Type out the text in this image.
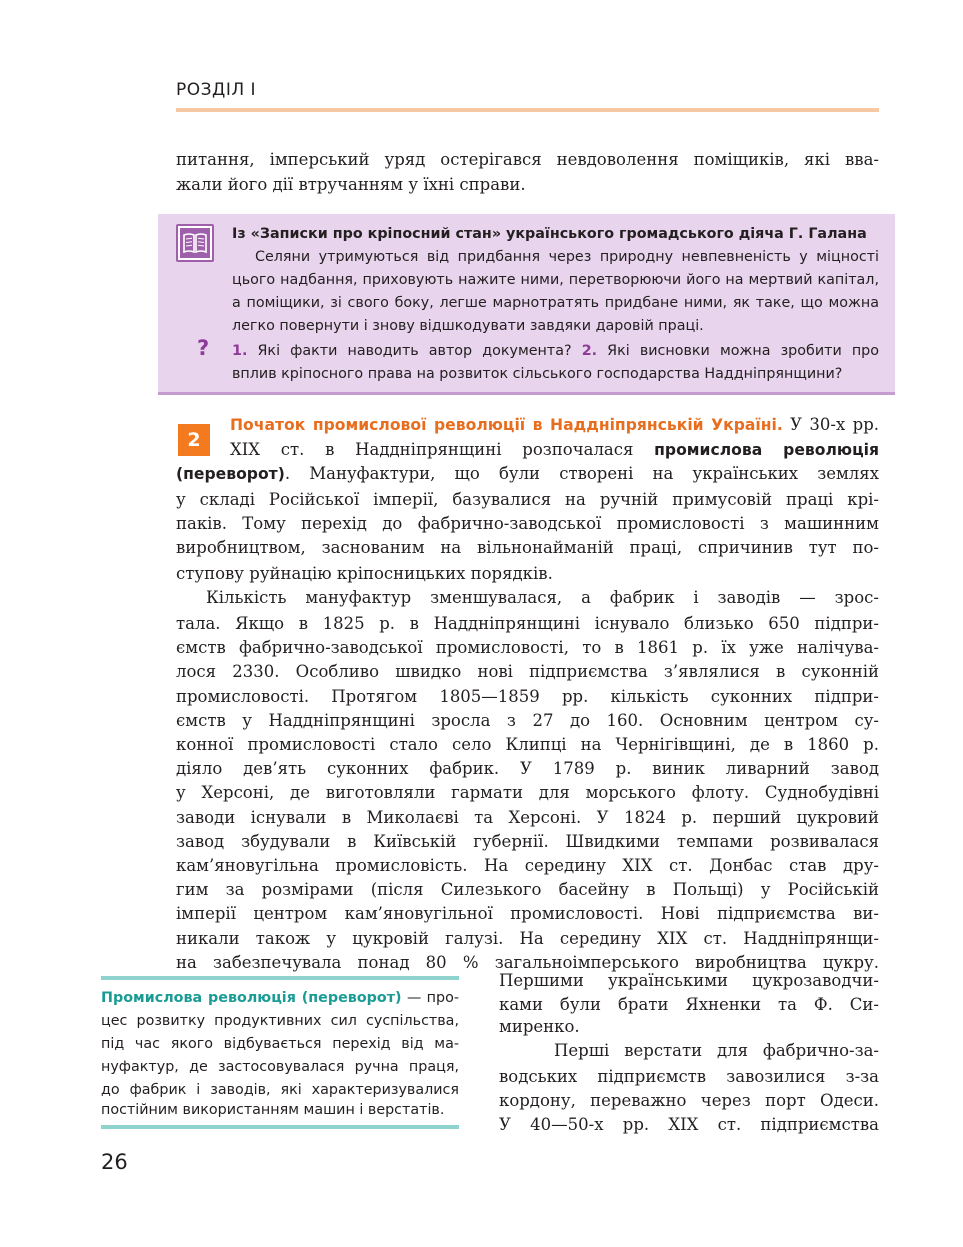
РОЗДІЛ І
питання, імперський уряд остерігався невдоволення поміщиків, які вва-
жали його дії втручанням у їхні справи.
Із «Записки про кріпосний стан» українського громадського діяча Г. Галана
Селяни утримуються від придбання через природну невпевненість у міцності
цього надбання, приховують нажите ними, перетворюючи його на мертвий капітал,
а поміщики, зі свого боку, легше марнотратять придбане ними, як таке, що можна
легко повернути і знову відшкодувати завдяки даровій праці.
? 1. Які факти наводить автор документа? 2. Які висновки можна зробити про
вплив кріпосного права на розвиток сільського господарства Наддніпрянщини?
2
Початок промислової революції в Наддніпрянській Україні. У 30-х рр.
XIX ст. в Наддніпрянщині розпочалася промислова революція
(переворот). Мануфактури, що були створені на українських землях
у складі Російської імперії, базувалися на ручній примусовій праці крі-
паків. Тому перехід до фабрично-заводської промисловості з машинним
виробництвом, заснованим на вільнонайманій праці, спричинив тут по-
ступову руйнацію кріпосницьких порядків.
Кількість мануфактур зменшувалася, а фабрик і заводів — зрос-
тала. Якщо в 1825 р. в Наддніпрянщині існувало близько 650 підпри-
ємств фабрично-заводської промисловості, то в 1861 р. їх уже налічува-
лося 2330. Особливо швидко нові підприємства з’являлися в суконній
промисловості. Протягом 1805—1859 рр. кількість суконних підпри-
ємств у Наддніпрянщині зросла з 27 до 160. Основним центром су-
конної промисловості стало село Клипці на Чернігівщині, де в 1860 р.
діяло дев’ять суконних фабрик. У 1789 р. виник ливарний завод
у Херсоні, де виготовляли гармати для морського флоту. Суднобудівні
заводи існували в Миколаєві та Херсоні. У 1824 р. перший цукровий
завод збудували в Київській губернії. Швидкими темпами розвивалася
кам’яновугільна промисловість. На середину XIX ст. Донбас став дру-
гим за розмірами (після Силезького басейну в Польщі) у Російській
імперії центром кам’яновугільної промисловості. Нові підприємства ви-
никали також у цукровій галузі. На середину XIX ст. Наддніпрянщи-
на забезпечувала понад 80 % загальноімперського виробництва цукру.
Першими українськими цукрозаводчи-
ками були брати Яхненки та Ф. Си-
миренко.
Перші верстати для фабрично-за-
водських підприємств завозилися з-за
кордону, переважно через порт Одеси.
У 40—50-х рр. XIX ст. підприємства
Промислова революція (переворот) — про-
цес розвитку продуктивних сил суспільства,
під час якого відбувається перехід від ма-
нуфактур, де застосовувалася ручна праця,
до фабрик і заводів, які характеризувалися
постійним використанням машин і верстатів.
26
